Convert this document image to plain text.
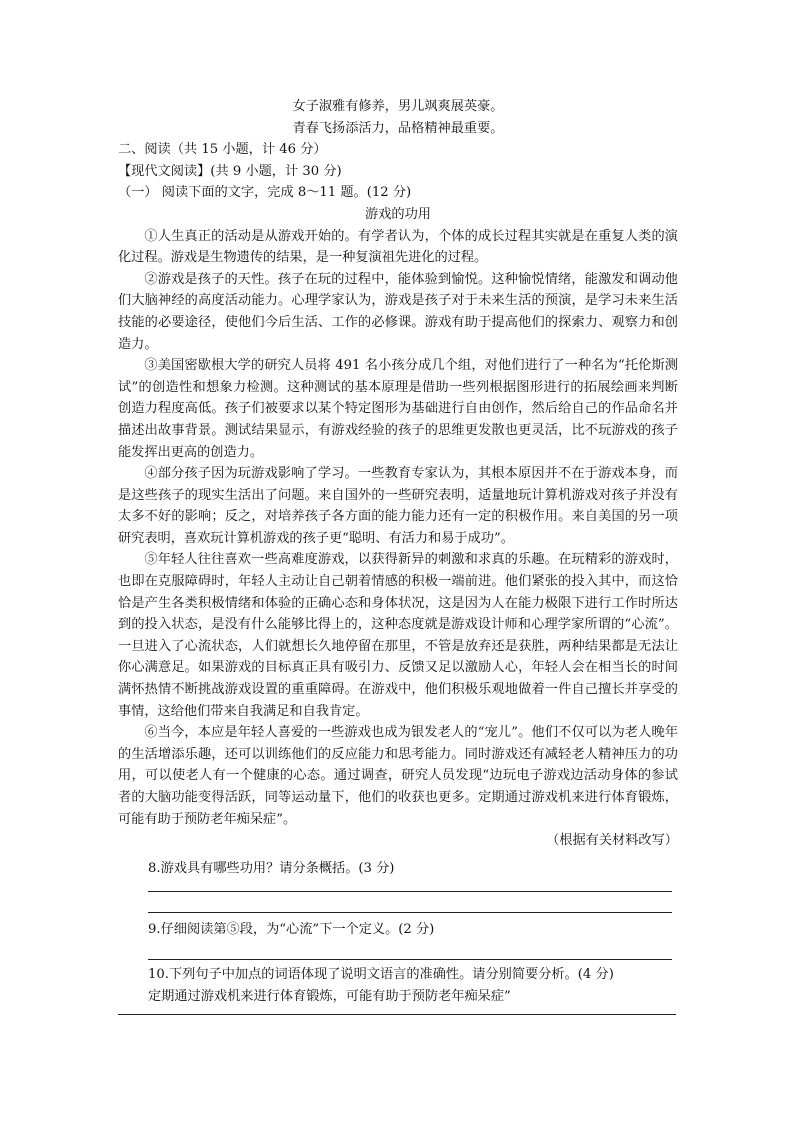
女子淑雅有修养，男儿飒爽展英豪。
青春飞扬添活力，品格精神最重要。
二、阅读（共 15 小题，计 46 分）
【现代文阅读】(共 9 小题，计 30 分)
（一） 阅读下面的文字，完成 8～11 题。(12 分)
游戏的功用

①人生真正的活动是从游戏开始的。有学者认为，个体的成长过程其实就是在重复人类的演化过程。游戏是生物遗传的结果，是一种复演祖先进化的过程。

②游戏是孩子的天性。孩子在玩的过程中，能体验到愉悦。这种愉悦情绪，能激发和调动他们大脑神经的高度活动能力。心理学家认为，游戏是孩子对于未来生活的预演，是学习未来生活技能的必要途径，使他们今后生活、工作的必修课。游戏有助于提高他们的探索力、观察力和创造力。

③美国密歇根大学的研究人员将 491 名小孩分成几个组，对他们进行了一种名为“托伦斯测试”的创造性和想象力检测。这种测试的基本原理是借助一些列根据图形进行的拓展绘画来判断创造力程度高低。孩子们被要求以某个特定图形为基础进行自由创作，然后给自己的作品命名并描述出故事背景。测试结果显示，有游戏经验的孩子的思维更发散也更灵活，比不玩游戏的孩子能发挥出更高的创造力。

④部分孩子因为玩游戏影响了学习。一些教育专家认为，其根本原因并不在于游戏本身，而是这些孩子的现实生活出了问题。来自国外的一些研究表明，适量地玩计算机游戏对孩子并没有太多不好的影响；反之，对培养孩子各方面的能力能力还有一定的积极作用。来自美国的另一项研究表明，喜欢玩计算机游戏的孩子更“聪明、有活力和易于成功”。

⑤年轻人往往喜欢一些高难度游戏，以获得新异的刺激和求真的乐趣。在玩精彩的游戏时，也即在克服障碍时，年轻人主动让自己朝着情感的积极一端前进。他们紧张的投入其中，而这恰恰是产生各类积极情绪和体验的正确心态和身体状况，这是因为人在能力极限下进行工作时所达到的投入状态，是没有什么能够比得上的，这种态度就是游戏设计师和心理学家所谓的“心流”。一旦进入了心流状态，人们就想长久地停留在那里，不管是放弃还是获胜，两种结果都是无法让你心满意足。如果游戏的目标真正具有吸引力、反馈又足以激励人心，年轻人会在相当长的时间满怀热情不断挑战游戏设置的重重障碍。在游戏中，他们积极乐观地做着一件自己擅长并享受的事情，这给他们带来自我满足和自我肯定。

⑥当今，本应是年轻人喜爱的一些游戏也成为银发老人的“宠儿”。他们不仅可以为老人晚年的生活增添乐趣，还可以训练他们的反应能力和思考能力。同时游戏还有减轻老人精神压力的功用，可以使老人有一个健康的心态。通过调查，研究人员发现“边玩电子游戏边活动身体的参试者的大脑功能变得活跃，同等运动量下，他们的收获也更多。定期通过游戏机来进行体育锻炼，可能有助于预防老年痴呆症”。

（根据有关材料改写）

8.游戏具有哪些功用？请分条概括。(3 分)
9.仔细阅读第⑤段，为“心流”下一个定义。(2 分)
10.下列句子中加点的词语体现了说明文语言的准确性。请分别简要分析。(4 分)
定期通过游戏机来进行体育锻炼，可能有助于预防老年痴呆症”
